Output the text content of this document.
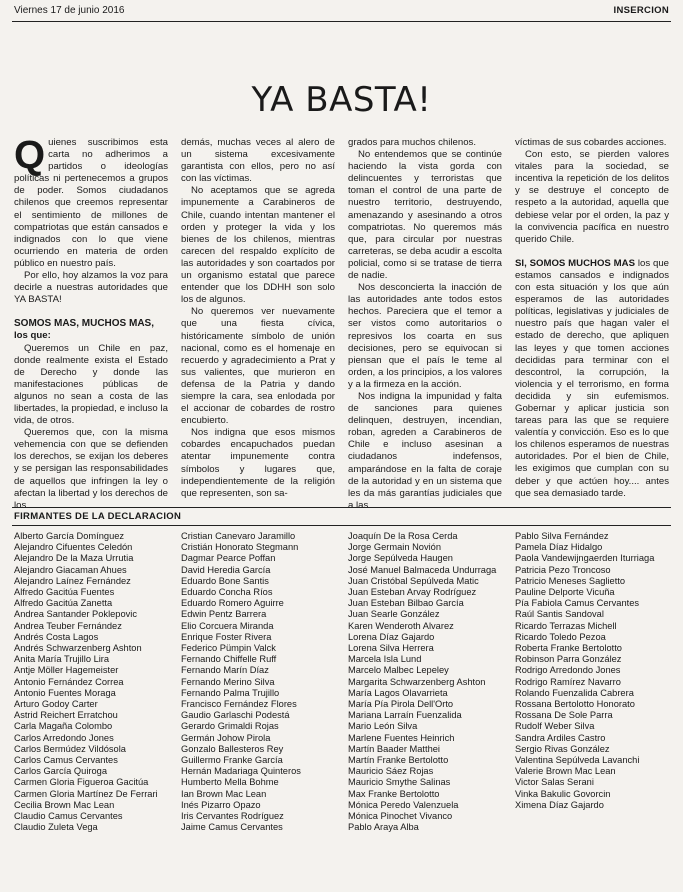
Viernes 17 de junio 2016	INSERCION
YA BASTA!

Quienes suscribimos esta carta no adherimos a partidos o ideologías políticas ni pertenecemos a grupos de poder. Somos ciudadanos chilenos que creemos representar el sentimiento de millones de compatriotas que están cansados e indignados con lo que viene ocurriendo en materia de orden público en nuestro país.

Por ello, hoy alzamos la voz para decirle a nuestras autoridades que YA BASTA!

SOMOS MAS, MUCHOS MAS,

los que:

Queremos un Chile en paz, donde realmente exista el Estado de Derecho y donde las manifestaciones públicas de algunos no sean a costa de las libertades, la propiedad, e incluso la vida, de otros.

Queremos que, con la misma vehemencia con que se defienden los derechos, se exijan los deberes y se persigan las responsabilidades de aquellos que infringen la ley o afectan la libertad y los derechos de los

demás, muchas veces al alero de un sistema excesivamente garantista con ellos, pero no así con las víctimas.

No aceptamos que se agreda impunemente a Carabineros de Chile, cuando intentan mantener el orden y proteger la vida y los bienes de los chilenos, mientras carecen del respaldo explícito de las autoridades y son coartados por un organismo estatal que parece entender que los DDHH son solo los de algunos.

No queremos ver nuevamente que una fiesta cívica, históricamente símbolo de unión nacional, como es el homenaje en recuerdo y agradecimiento a Prat y sus valientes, que murieron en defensa de la Patria y dando siempre la cara, sea enlodada por el accionar de cobardes de rostro encubierto.

Nos indigna que esos mismos cobardes encapuchados puedan atentar impunemente contra símbolos y lugares que, independientemente de la religión que representen, son sa-

grados para muchos chilenos.

No entendemos que se continúe haciendo la vista gorda con delincuentes y terroristas que toman el control de una parte de nuestro territorio, destruyendo, amenazando y asesinando a otros compatriotas. No queremos más que, para circular por nuestras carreteras, se deba acudir a escolta policial, como si se tratase de tierra de nadie.

Nos desconcierta la inacción de las autoridades ante todos estos hechos. Pareciera que el temor a ser vistos como autoritarios o represivos los coarta en sus decisiones, pero se equivocan si piensan que el país le teme al orden, a los principios, a los valores y a la firmeza en la acción.

Nos indigna la impunidad y falta de sanciones para quienes delinquen, destruyen, incendian, roban, agreden a Carabineros de Chile e incluso asesinan a ciudadanos indefensos, amparándose en la falta de coraje de la autoridad y en un sistema que les da más garantías judiciales que a las

víctimas de sus cobardes acciones.

Con esto, se pierden valores vitales para la sociedad, se incentiva la repetición de los delitos y se destruye el concepto de respeto a la autoridad, aquella que debiese velar por el orden, la paz y la convivencia pacífica en nuestro querido Chile.

SI, SOMOS MUCHOS MAS los que estamos cansados e indignados con esta situación y los que aún esperamos de las autoridades políticas, legislativas y judiciales de nuestro país que hagan valer el estado de derecho, que apliquen las leyes y que tomen acciones decididas para terminar con el descontrol, la corrupción, la violencia y el terrorismo, en forma decidida y sin eufemismos. Gobernar y aplicar justicia son tareas para las que se requiere valentía y convicción. Eso es lo que los chilenos esperamos de nuestras autoridades. Por el bien de Chile, les exigimos que cumplan con su deber y que actúen hoy.... antes que sea demasiado tarde.

FIRMANTES DE LA DECLARACION
Alberto García Domínguez
Alejandro Cifuentes Celedón
Alejandro De la Maza Urrutia
Alejandro Giacaman Ahues
Alejandro Laínez Fernández
Alfredo Gacitúa Fuentes
Alfredo Gacitúa Zanetta
Andrea Santander Poklepovic
Andrea Teuber Fernández
Andrés Costa Lagos
Andrés Schwarzenberg Ashton
Anita María Trujillo Lira
Antje Möller Hagemeister
Antonio Fernández Correa
Antonio Fuentes Moraga
Arturo Godoy Carter
Astrid Reichert Erratchou
Carla Magaña Colombo
Carlos Arredondo Jones
Carlos Bermúdez Vildósola
Carlos Camus Cervantes
Carlos García Quiroga
Carmen Gloria Figueroa Gacitúa
Carmen Gloria Martínez De Ferrari
Cecilia Brown Mac Lean
Claudio Camus Cervantes
Claudio Zuleta Vega
Cristian Canevaro Jaramillo
Cristián Honorato Stegmann
Dagmar Pearce Poffan
David Heredia García
Eduardo Bone Santis
Eduardo Concha Ríos
Eduardo Romero Aguirre
Edwin Pentz Barrera
Elio Corcuera Miranda
Enrique Foster Rivera
Federico Pümpin Valck
Fernando Chiffelle Ruff
Fernando Marín Díaz
Fernando Merino Silva
Fernando Palma Trujillo
Francisco Fernández Flores
Gaudio Garlaschi Podestá
Gerardo Grimaldi Rojas
Germán Johow Pirola
Gonzalo Ballesteros Rey
Guillermo Franke García
Hernán Madariaga Quinteros
Humberto Mella Bohme
Ian Brown Mac Lean
Inés Pizarro Opazo
Iris Cervantes Rodríguez
Jaime Camus Cervantes
Joaquín De la Rosa Cerda
Jorge Germain Novión
Jorge Sepúlveda Haugen
José Manuel Balmaceda Undurraga
Juan Cristóbal Sepúlveda Matic
Juan Esteban Arvay Rodríguez
Juan Esteban Bilbao García
Juan Searle González
Karen Wenderoth Alvarez
Lorena Díaz Gajardo
Lorena Silva Herrera
Marcela Isla Lund
Marcelo Malbec Lepeley
Margarita Schwarzenberg Ashton
María Lagos Olavarrieta
María Pía Pirola Dell'Orto
Mariana Larraín Fuenzalida
Mario León Silva
Marlene Fuentes Heinrich
Martín Baader Matthei
Martín Franke Bertolotto
Mauricio Sáez Rojas
Mauricio Smythe Salinas
Max Franke Bertolotto
Mónica Peredo Valenzuela
Mónica Pinochet Vivanco
Pablo Araya Alba
Pablo Silva Fernández
Pamela Díaz Hidalgo
Paola Vandewijngaerden Iturriaga
Patricia Pezo Troncoso
Patricio Meneses Saglietto
Pauline Delporte Vicuña
Pía Fabiola Camus Cervantes
Raúl Santis Sandoval
Ricardo Terrazas Michell
Ricardo Toledo Pezoa
Roberta Franke Bertolotto
Robinson Parra González
Rodrigo Arredondo Jones
Rodrigo Ramírez Navarro
Rolando Fuenzalida Cabrera
Rossana Bertolotto Honorato
Rossana De Sole Parra
Rudolf Weber Silva
Sandra Ardiles Castro
Sergio Rivas González
Valentina Sepúlveda Lavanchi
Valerie Brown Mac Lean
Victor Salas Serani
Vinka Bakulic Govorcin
Ximena Díaz Gajardo
